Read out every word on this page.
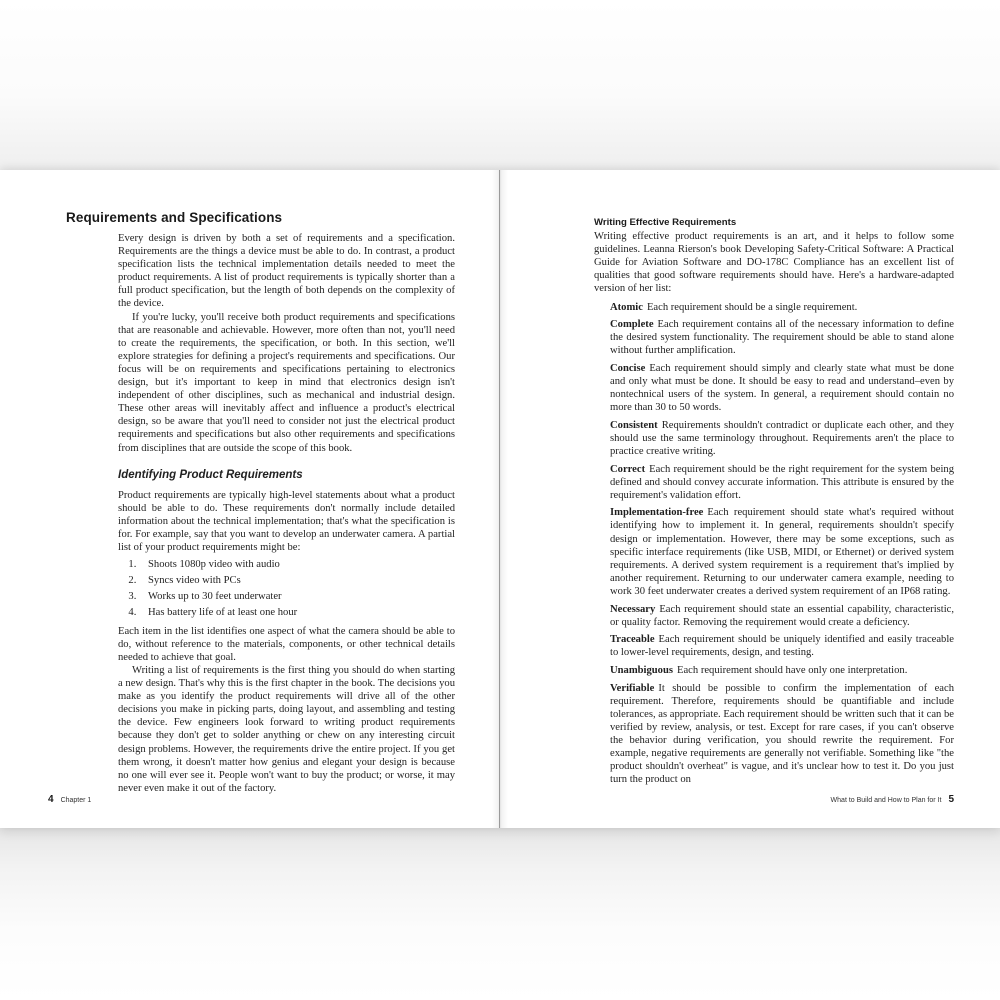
Requirements and Specifications

Every design is driven by both a set of requirements and a specification. Requirements are the things a device must be able to do. In contrast, a product specification lists the technical implementation details needed to meet the product requirements. A list of product requirements is typically shorter than a full product specification, but the length of both depends on the complexity of the device.

If you're lucky, you'll receive both product requirements and specifications that are reasonable and achievable. However, more often than not, you'll need to create the requirements, the specification, or both. In this section, we'll explore strategies for defining a project's requirements and specifications. Our focus will be on requirements and specifications pertaining to electronics design, but it's important to keep in mind that electronics design isn't independent of other disciplines, such as mechanical and industrial design. These other areas will inevitably affect and influence a product's electrical design, so be aware that you'll need to consider not just the electrical product requirements and specifications but also other requirements and specifications from disciplines that are outside the scope of this book.

Identifying Product Requirements

Product requirements are typically high-level statements about what a product should be able to do. These requirements don't normally include detailed information about the technical implementation; that's what the specification is for. For example, say that you want to develop an underwater camera. A partial list of your product requirements might be:

1. Shoots 1080p video with audio
2. Syncs video with PCs
3. Works up to 30 feet underwater
4. Has battery life of at least one hour

Each item in the list identifies one aspect of what the camera should be able to do, without reference to the materials, components, or other technical details needed to achieve that goal.

Writing a list of requirements is the first thing you should do when starting a new design. That's why this is the first chapter in the book. The decisions you make as you identify the product requirements will drive all of the other decisions you make in picking parts, doing layout, and assembling and testing the device. Few engineers look forward to writing product requirements because they don't get to solder anything or chew on any interesting circuit design problems. However, the requirements drive the entire project. If you get them wrong, it doesn't matter how genius and elegant your design is because no one will ever see it. People won't want to buy the product; or worse, it may never even make it out of the factory.

4 Chapter 1
Writing Effective Requirements

Writing effective product requirements is an art, and it helps to follow some guidelines. Leanna Rierson's book Developing Safety-Critical Software: A Practical Guide for Aviation Software and DO-178C Compliance has an excellent list of qualities that good software requirements should have. Here's a hardware-adapted version of her list:

Atomic Each requirement should be a single requirement.
Complete Each requirement contains all of the necessary information to define the desired system functionality. The requirement should be able to stand alone without further amplification.
Concise Each requirement should simply and clearly state what must be done and only what must be done. It should be easy to read and understand–even by nontechnical users of the system. In general, a requirement should contain no more than 30 to 50 words.
Consistent Requirements shouldn't contradict or duplicate each other, and they should use the same terminology throughout. Requirements aren't the place to practice creative writing.
Correct Each requirement should be the right requirement for the system being defined and should convey accurate information. This attribute is ensured by the requirement's validation effort.
Implementation-free Each requirement should state what's required without identifying how to implement it. In general, requirements shouldn't specify design or implementation. However, there may be some exceptions, such as specific interface requirements (like USB, MIDI, or Ethernet) or derived system requirements. A derived system requirement is a requirement that's implied by another requirement. Returning to our underwater camera example, needing to work 30 feet underwater creates a derived system requirement of an IP68 rating.
Necessary Each requirement should state an essential capability, characteristic, or quality factor. Removing the requirement would create a deficiency.
Traceable Each requirement should be uniquely identified and easily traceable to lower-level requirements, design, and testing.
Unambiguous Each requirement should have only one interpretation.
Verifiable It should be possible to confirm the implementation of each requirement. Therefore, requirements should be quantifiable and include tolerances, as appropriate. Each requirement should be written such that it can be verified by review, analysis, or test. Except for rare cases, if you can't observe the behavior during verification, you should rewrite the requirement. For example, negative requirements are generally not verifiable. Something like "the product shouldn't overheat" is vague, and it's unclear how to test it. Do you just turn the product on
What to Build and How to Plan for It 5
